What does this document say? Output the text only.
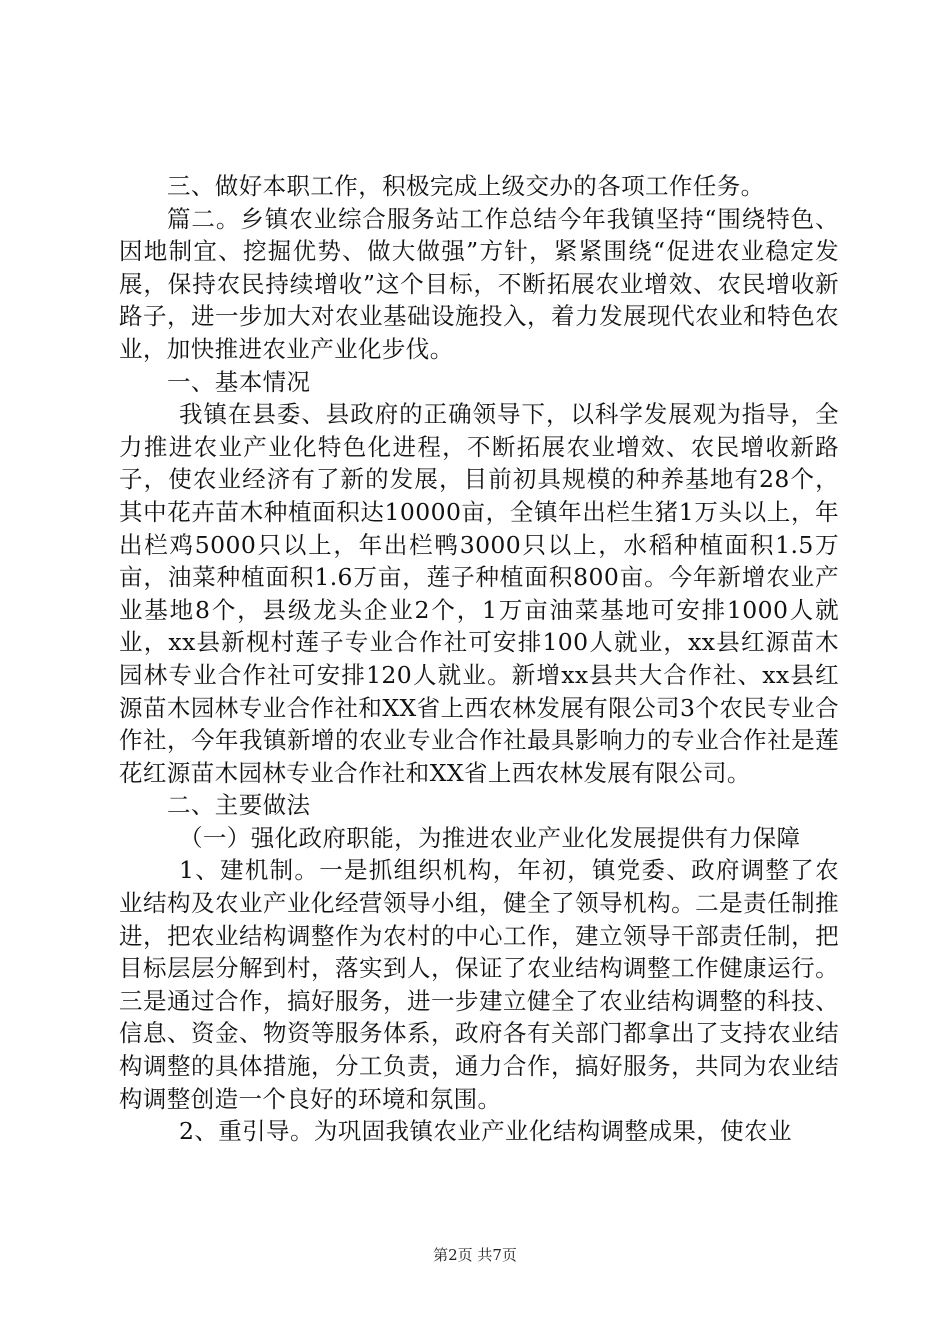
三、做好本职工作，积极完成上级交办的各项工作任务。

篇二。乡镇农业综合服务站工作总结今年我镇坚持“围绕特色、因地制宜、挖掘优势、做大做强”方针，紧紧围绕“促进农业稳定发展，保持农民持续增收”这个目标，不断拓展农业增效、农民增收新路子，进一步加大对农业基础设施投入，着力发展现代农业和特色农业，加快推进农业产业化步伐。

一、基本情况

我镇在县委、县政府的正确领导下，以科学发展观为指导，全力推进农业产业化特色化进程，不断拓展农业增效、农民增收新路子，使农业经济有了新的发展，目前初具规模的种养基地有28个，其中花卉苗木种植面积达10000亩，全镇年出栏生猪1万头以上，年出栏鸡5000只以上，年出栏鸭3000只以上，水稻种植面积1.5万亩，油菜种植面积1.6万亩，莲子种植面积800亩。今年新增农业产业基地8个，县级龙头企业2个，1万亩油菜基地可安排1000人就业，xx县新枧村莲子专业合作社可安排100人就业，xx县红源苗木园林专业合作社可安排120人就业。新增xx县共大合作社、xx县红源苗木园林专业合作社和XX省上西农林发展有限公司3个农民专业合作社，今年我镇新增的农业专业合作社最具影响力的专业合作社是莲花红源苗木园林专业合作社和XX省上西农林发展有限公司。

二、主要做法

（一）强化政府职能，为推进农业产业化发展提供有力保障

1、建机制。一是抓组织机构，年初，镇党委、政府调整了农业结构及农业产业化经营领导小组，健全了领导机构。二是责任制推进，把农业结构调整作为农村的中心工作，建立领导干部责任制，把目标层层分解到村，落实到人，保证了农业结构调整工作健康运行。三是通过合作，搞好服务，进一步建立健全了农业结构调整的科技、信息、资金、物资等服务体系，政府各有关部门都拿出了支持农业结构调整的具体措施，分工负责，通力合作，搞好服务，共同为农业结构调整创造一个良好的环境和氛围。

2、重引导。为巩固我镇农业产业化结构调整成果，使农业

第2页 共7页
